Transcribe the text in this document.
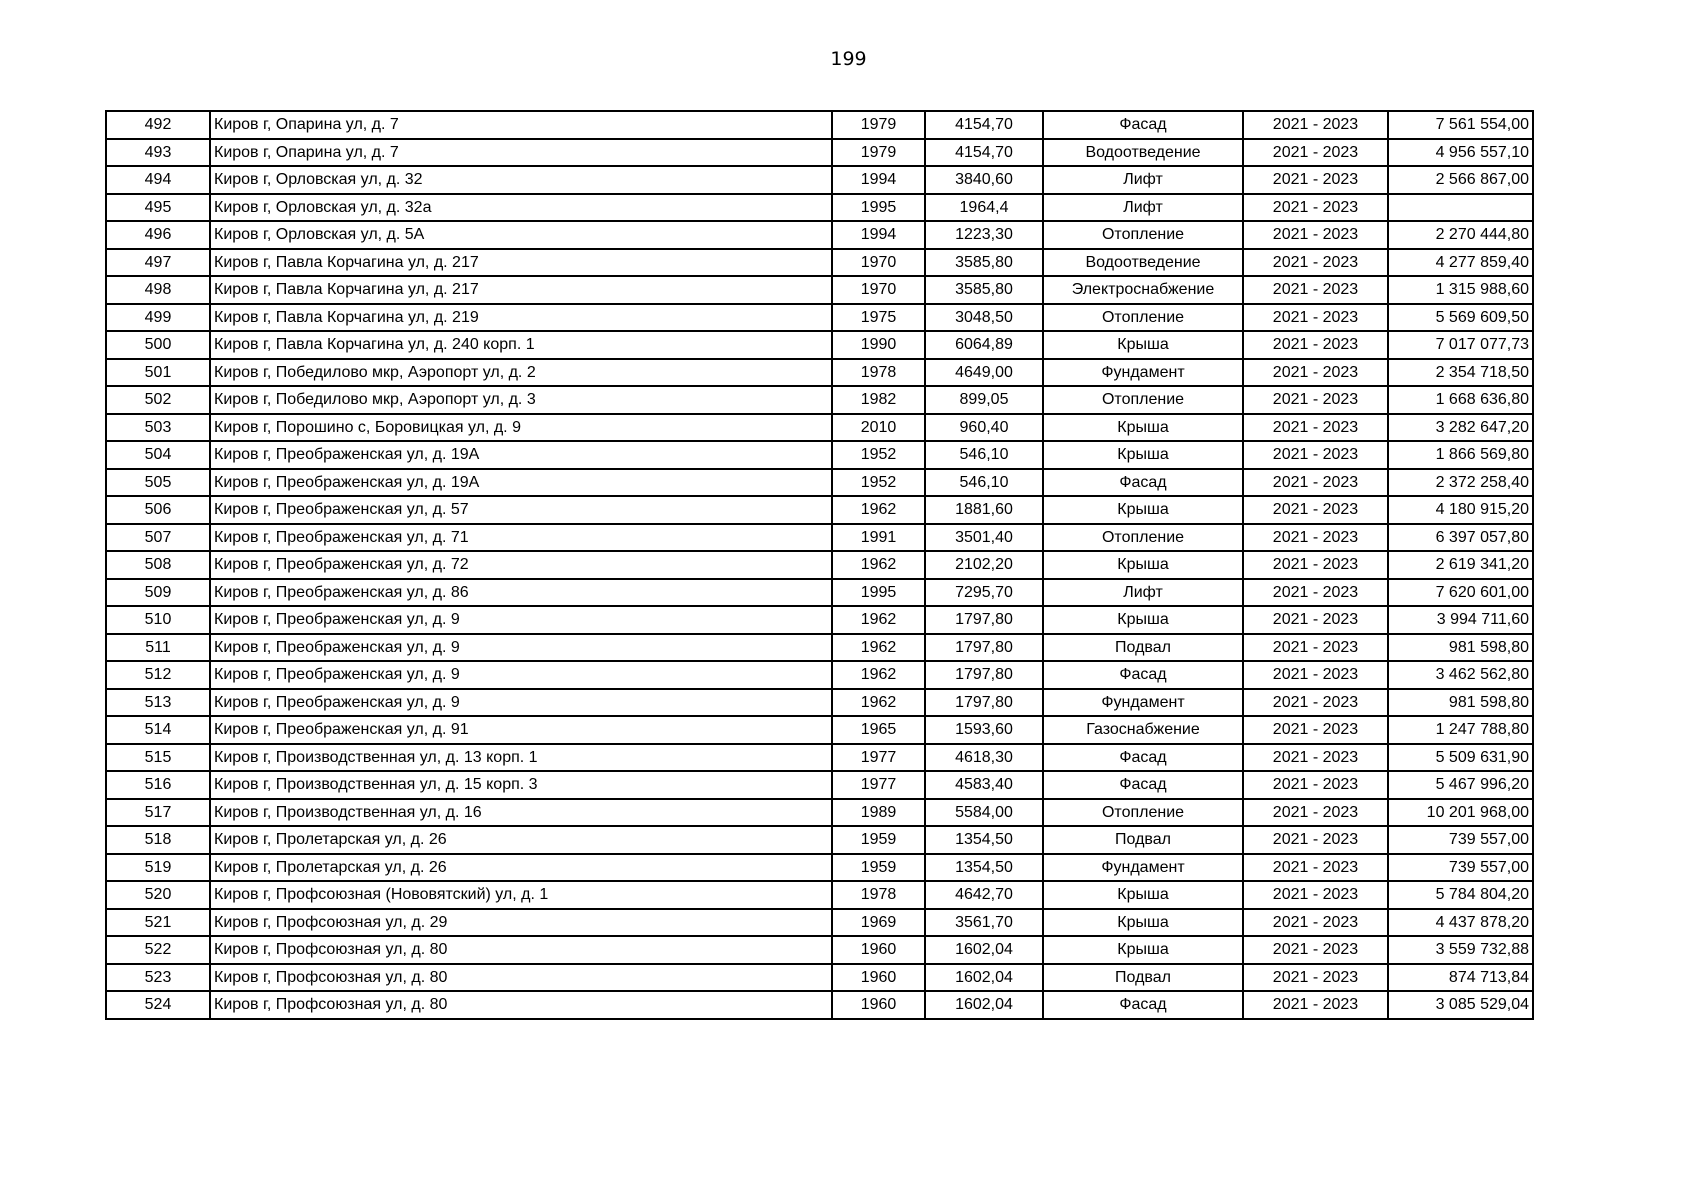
199
492	Киров г, Опарина ул, д. 7	1979	4154,70	Фасад	2021 - 2023	7 561 554,00
493	Киров г, Опарина ул, д. 7	1979	4154,70	Водоотведение	2021 - 2023	4 956 557,10
494	Киров г, Орловская ул, д. 32	1994	3840,60	Лифт	2021 - 2023	2 566 867,00
495	Киров г, Орловская ул, д. 32а	1995	1964,4	Лифт	2021 - 2023	
496	Киров г, Орловская ул, д. 5А	1994	1223,30	Отопление	2021 - 2023	2 270 444,80
497	Киров г, Павла Корчагина ул, д. 217	1970	3585,80	Водоотведение	2021 - 2023	4 277 859,40
498	Киров г, Павла Корчагина ул, д. 217	1970	3585,80	Электроснабжение	2021 - 2023	1 315 988,60
499	Киров г, Павла Корчагина ул, д. 219	1975	3048,50	Отопление	2021 - 2023	5 569 609,50
500	Киров г, Павла Корчагина ул, д. 240 корп. 1	1990	6064,89	Крыша	2021 - 2023	7 017 077,73
501	Киров г, Победилово мкр, Аэропорт ул, д. 2	1978	4649,00	Фундамент	2021 - 2023	2 354 718,50
502	Киров г, Победилово мкр, Аэропорт ул, д. 3	1982	899,05	Отопление	2021 - 2023	1 668 636,80
503	Киров г, Порошино с, Боровицкая ул, д. 9	2010	960,40	Крыша	2021 - 2023	3 282 647,20
504	Киров г, Преображенская ул, д. 19А	1952	546,10	Крыша	2021 - 2023	1 866 569,80
505	Киров г, Преображенская ул, д. 19А	1952	546,10	Фасад	2021 - 2023	2 372 258,40
506	Киров г, Преображенская ул, д. 57	1962	1881,60	Крыша	2021 - 2023	4 180 915,20
507	Киров г, Преображенская ул, д. 71	1991	3501,40	Отопление	2021 - 2023	6 397 057,80
508	Киров г, Преображенская ул, д. 72	1962	2102,20	Крыша	2021 - 2023	2 619 341,20
509	Киров г, Преображенская ул, д. 86	1995	7295,70	Лифт	2021 - 2023	7 620 601,00
510	Киров г, Преображенская ул, д. 9	1962	1797,80	Крыша	2021 - 2023	3 994 711,60
511	Киров г, Преображенская ул, д. 9	1962	1797,80	Подвал	2021 - 2023	981 598,80
512	Киров г, Преображенская ул, д. 9	1962	1797,80	Фасад	2021 - 2023	3 462 562,80
513	Киров г, Преображенская ул, д. 9	1962	1797,80	Фундамент	2021 - 2023	981 598,80
514	Киров г, Преображенская ул, д. 91	1965	1593,60	Газоснабжение	2021 - 2023	1 247 788,80
515	Киров г, Производственная ул, д. 13 корп. 1	1977	4618,30	Фасад	2021 - 2023	5 509 631,90
516	Киров г, Производственная ул, д. 15 корп. 3	1977	4583,40	Фасад	2021 - 2023	5 467 996,20
517	Киров г, Производственная ул, д. 16	1989	5584,00	Отопление	2021 - 2023	10 201 968,00
518	Киров г, Пролетарская ул, д. 26	1959	1354,50	Подвал	2021 - 2023	739 557,00
519	Киров г, Пролетарская ул, д. 26	1959	1354,50	Фундамент	2021 - 2023	739 557,00
520	Киров г, Профсоюзная (Нововятский) ул, д. 1	1978	4642,70	Крыша	2021 - 2023	5 784 804,20
521	Киров г, Профсоюзная ул, д. 29	1969	3561,70	Крыша	2021 - 2023	4 437 878,20
522	Киров г, Профсоюзная ул, д. 80	1960	1602,04	Крыша	2021 - 2023	3 559 732,88
523	Киров г, Профсоюзная ул, д. 80	1960	1602,04	Подвал	2021 - 2023	874 713,84
524	Киров г, Профсоюзная ул, д. 80	1960	1602,04	Фасад	2021 - 2023	3 085 529,04
